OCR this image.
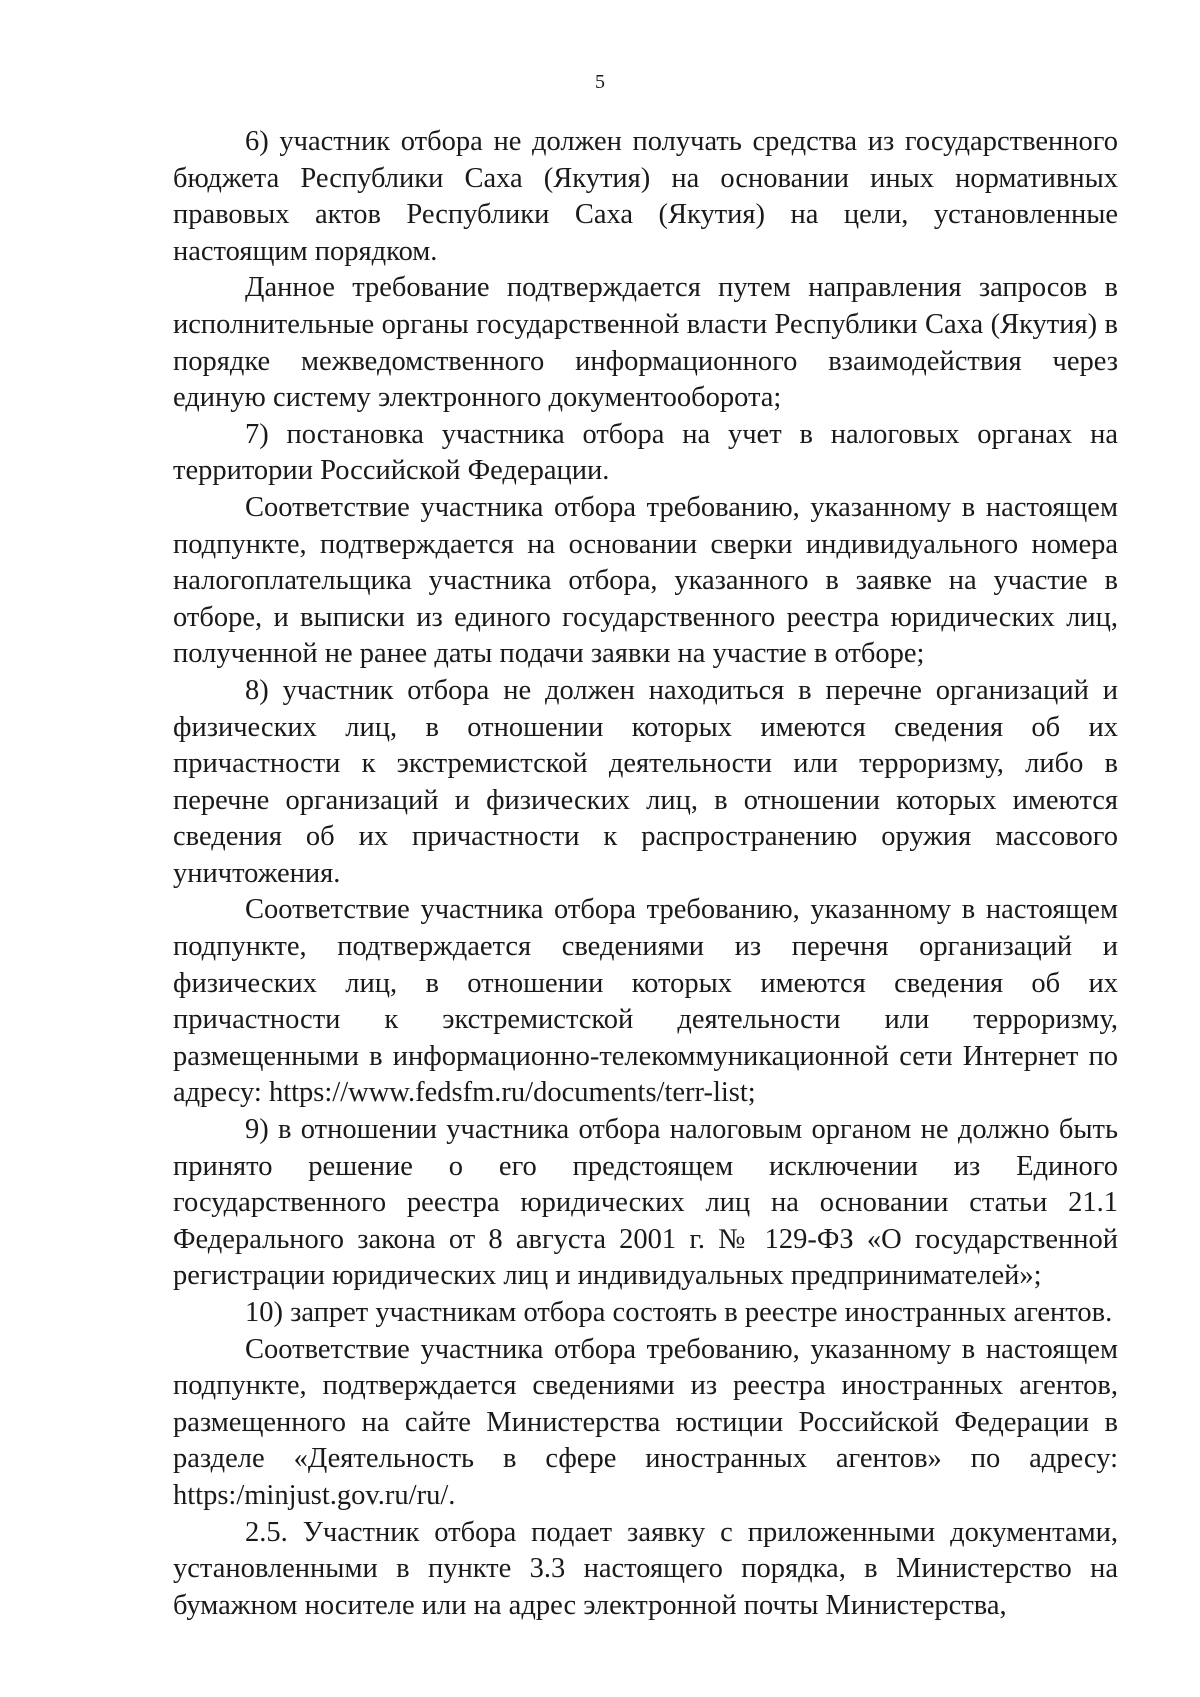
5

6) участник отбора не должен получать средства из государственного бюджета Республики Саха (Якутия) на основании иных нормативных правовых актов Республики Саха (Якутия) на цели, установленные настоящим порядком.

Данное требование подтверждается путем направления запросов в исполнительные органы государственной власти Республики Саха (Якутия) в порядке межведомственного информационного взаимодействия через единую систему электронного документооборота;

7) постановка участника отбора на учет в налоговых органах на территории Российской Федерации.

Соответствие участника отбора требованию, указанному в настоящем подпункте, подтверждается на основании сверки индивидуального номера налогоплательщика участника отбора, указанного в заявке на участие в отборе, и выписки из единого государственного реестра юридических лиц, полученной не ранее даты подачи заявки на участие в отборе;

8) участник отбора не должен находиться в перечне организаций и физических лиц, в отношении которых имеются сведения об их причастности к экстремистской деятельности или терроризму, либо в перечне организаций и физических лиц, в отношении которых имеются сведения об их причастности к распространению оружия массового уничтожения.

Соответствие участника отбора требованию, указанному в настоящем подпункте, подтверждается сведениями из перечня организаций и физических лиц, в отношении которых имеются сведения об их причастности к экстремистской деятельности или терроризму, размещенными в информационно-телекоммуникационной сети Интернет по адресу: https://www.fedsfm.ru/documents/terr-list;

9) в отношении участника отбора налоговым органом не должно быть принято решение о его предстоящем исключении из Единого государственного реестра юридических лиц на основании статьи 21.1 Федерального закона от 8 августа 2001 г. № 129-ФЗ «О государственной регистрации юридических лиц и индивидуальных предпринимателей»;

10) запрет участникам отбора состоять в реестре иностранных агентов.

Соответствие участника отбора требованию, указанному в настоящем подпункте, подтверждается сведениями из реестра иностранных агентов, размещенного на сайте Министерства юстиции Российской Федерации в разделе «Деятельность в сфере иностранных агентов» по адресу: https:/minjust.gov.ru/ru/.

2.5. Участник отбора подает заявку с приложенными документами, установленными в пункте 3.3 настоящего порядка, в Министерство на бумажном носителе или на адрес электронной почты Министерства,
